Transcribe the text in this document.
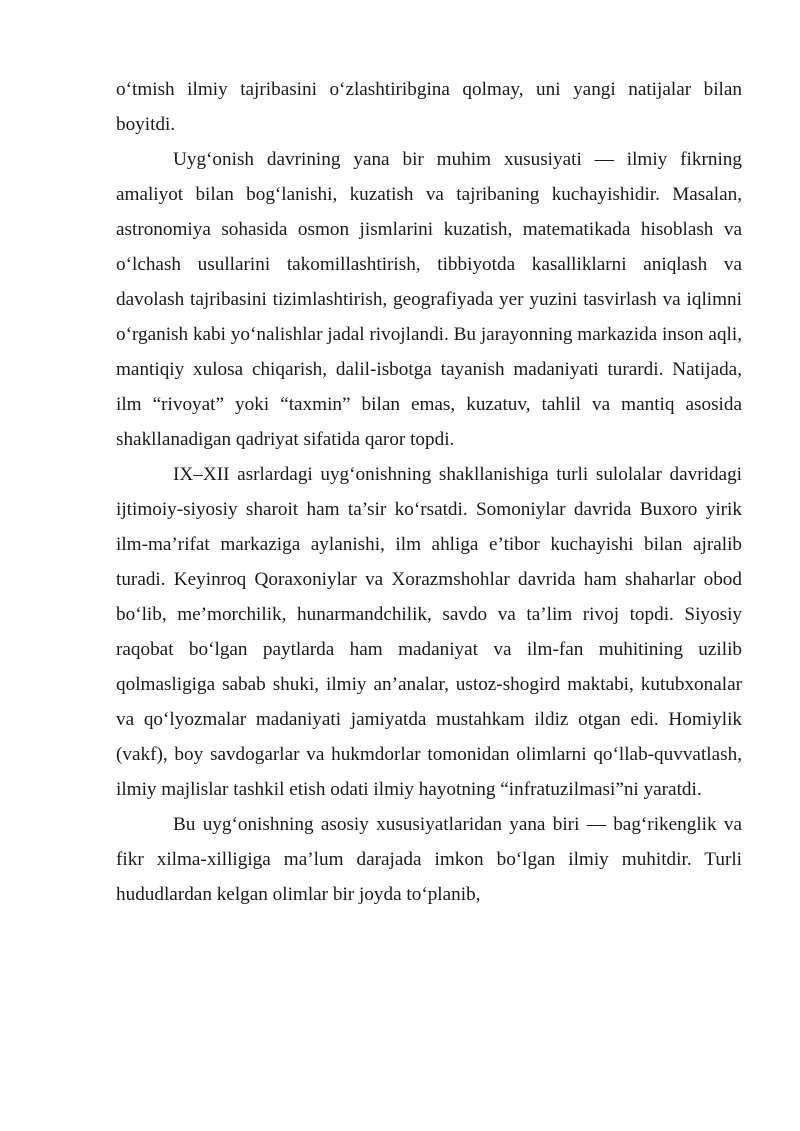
o‘tmish ilmiy tajribasini o‘zlashtiribgina qolmay, uni yangi natijalar bilan boyitdi.

Uyg‘onish davrining yana bir muhim xususiyati — ilmiy fikrning amaliyot bilan bog‘lanishi, kuzatish va tajribaning kuchayishidir. Masalan, astronomiya sohasida osmon jismlarini kuzatish, matematikada hisoblash va o‘lchash usullarini takomillashtirish, tibbiyotda kasalliklarni aniqlash va davolash tajribasini tizimlashtirish, geografiyada yer yuzini tasvirlash va iqlimni o‘rganish kabi yo‘nalishlar jadal rivojlandi. Bu jarayonning markazida inson aqli, mantiqiy xulosa chiqarish, dalil-isbotga tayanish madaniyati turardi. Natijada, ilm “rivoyat” yoki “taxmin” bilan emas, kuzatuv, tahlil va mantiq asosida shakllanadigan qadriyat sifatida qaror topdi.

IX–XII asrlardagi uyg‘onishning shakllanishiga turli sulolalar davridagi ijtimoiy-siyosiy sharoit ham ta’sir ko‘rsatdi. Somoniylar davrida Buxoro yirik ilm-ma’rifat markaziga aylanishi, ilm ahliga e’tibor kuchayishi bilan ajralib turadi. Keyinroq Qoraxoniylar va Xorazmshohlar davrida ham shaharlar obod bo‘lib, me’morchilik, hunarmandchilik, savdo va ta’lim rivoj topdi. Siyosiy raqobat bo‘lgan paytlarda ham madaniyat va ilm-fan muhitining uzilib qolmasligiga sabab shuki, ilmiy an’analar, ustoz-shogird maktabi, kutubxonalar va qo‘lyozmalar madaniyati jamiyatda mustahkam ildiz otgan edi. Homiylik (vakf), boy savdogarlar va hukmdorlar tomonidan olimlarni qo‘llab-quvvatlash, ilmiy majlislar tashkil etish odati ilmiy hayotning “infratuzilmasi”ni yaratdi.

Bu uyg‘onishning asosiy xususiyatlaridan yana biri — bag‘rikenglik va fikr xilma-xilligiga ma’lum darajada imkon bo‘lgan ilmiy muhitdir. Turli hududlardan kelgan olimlar bir joyda to‘planib,
